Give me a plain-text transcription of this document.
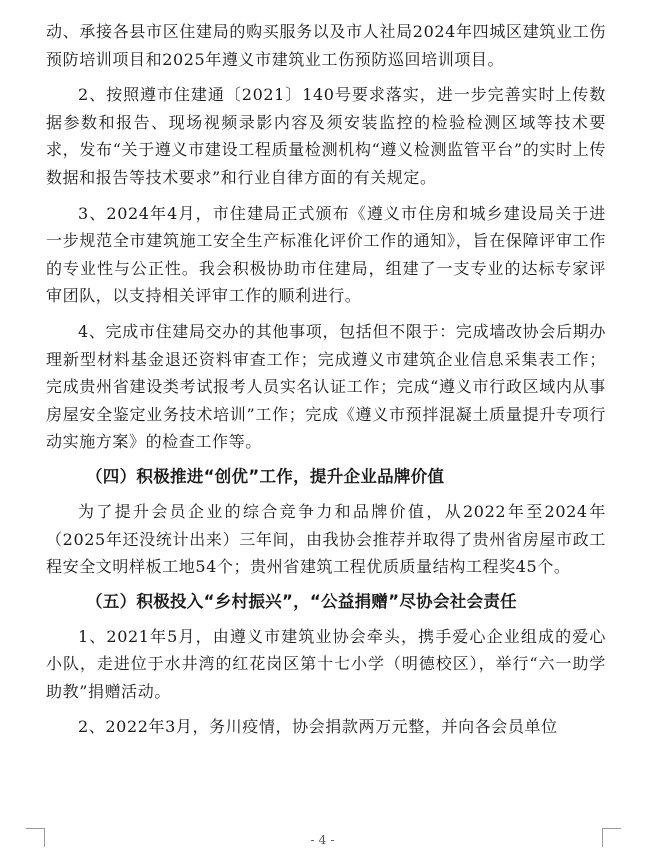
动、承接各县市区住建局的购买服务以及市人社局2024年四城区建筑业工伤预防培训项目和2025年遵义市建筑业工伤预防巡回培训项目。

2、按照遵市住建通〔2021〕140号要求落实，进一步完善实时上传数据参数和报告、现场视频录影内容及须安装监控的检验检测区域等技术要求，发布“关于遵义市建设工程质量检测机构“遵义检测监管平台”的实时上传数据和报告等技术要求”和行业自律方面的有关规定。

3、2024年4月，市住建局正式颁布《遵义市住房和城乡建设局关于进一步规范全市建筑施工安全生产标准化评价工作的通知》，旨在保障评审工作的专业性与公正性。我会积极协助市住建局，组建了一支专业的达标专家评审团队，以支持相关评审工作的顺利进行。

4、完成市住建局交办的其他事项，包括但不限于：完成墙改协会后期办理新型材料基金退还资料审查工作；完成遵义市建筑企业信息采集表工作；完成贵州省建设类考试报考人员实名认证工作；完成“遵义市行政区域内从事房屋安全鉴定业务技术培训”工作；完成《遵义市预拌混凝土质量提升专项行动实施方案》的检查工作等。

（四）积极推进“创优”工作，提升企业品牌价值

为了提升会员企业的综合竞争力和品牌价值，从2022年至2024年（2025年还没统计出来）三年间，由我协会推荐并取得了贵州省房屋市政工程安全文明样板工地54个；贵州省建筑工程优质质量结构工程奖45个。

（五）积极投入“乡村振兴”，“公益捐赠”尽协会社会责任

1、2021年5月，由遵义市建筑业协会牵头，携手爱心企业组成的爱心小队，走进位于水井湾的红花岗区第十七小学（明德校区），举行“六一助学助教”捐赠活动。

2、2022年3月，务川疫情，协会捐款两万元整，并向各会员单位

- 4 -
